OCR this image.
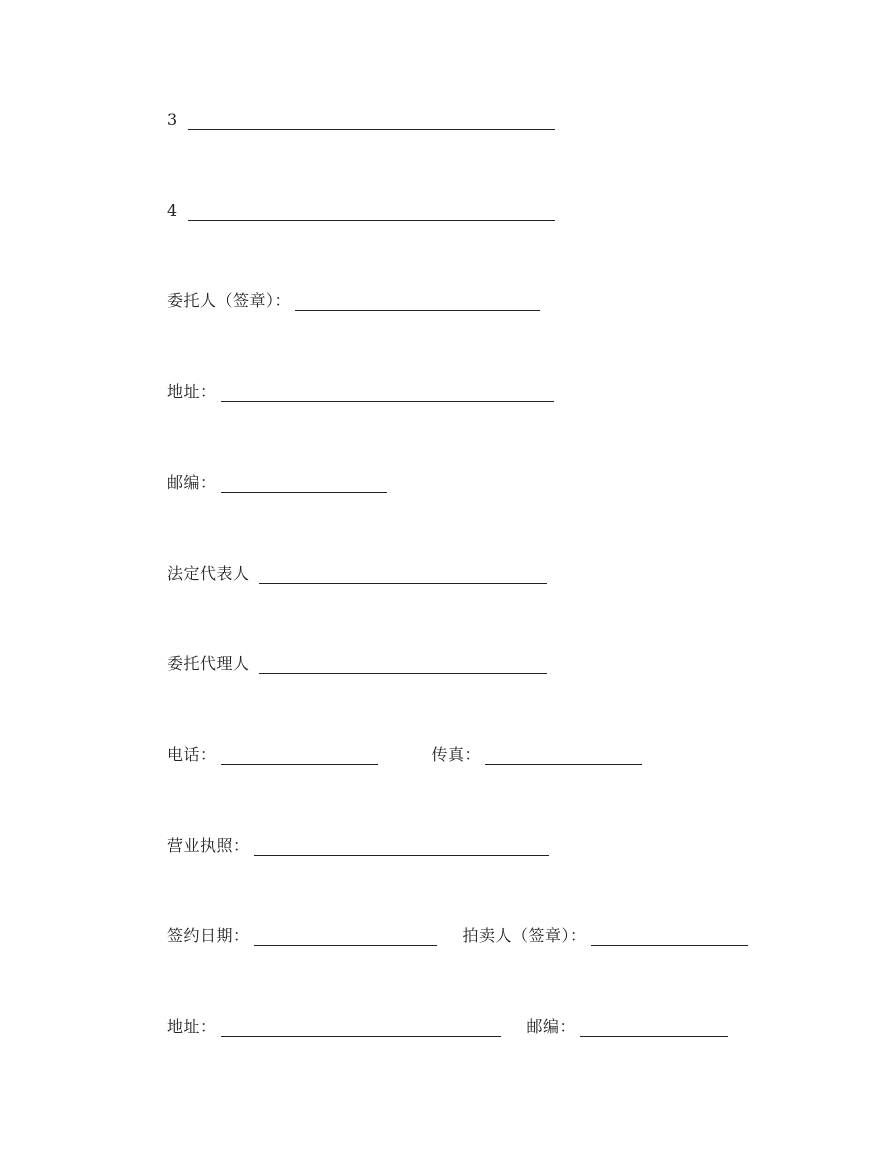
3
4
委托人（签章）：
地址：
邮编：
法定代表人
委托代理人
电话：	传真：
营业执照：
签约日期：	拍卖人（签章）：
地址：	邮编：
